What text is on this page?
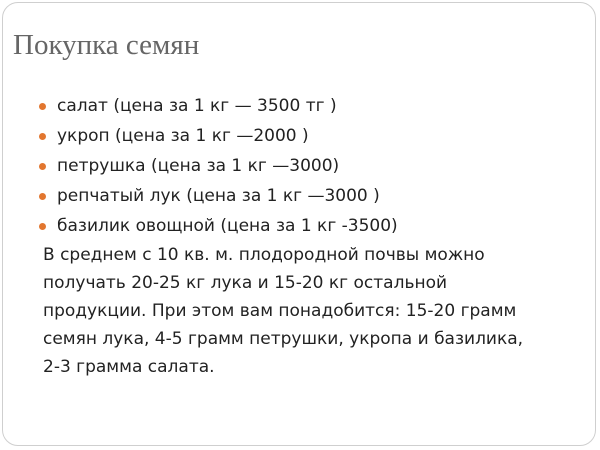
Покупка семян
салат (цена за 1 кг — 3500 тг )
укроп (цена за 1 кг —2000 )
петрушка (цена за 1 кг —3000)
репчатый лук (цена за 1 кг —3000 )
базилик овощной (цена за 1 кг -3500)

В среднем с 10 кв. м. плодородной почвы можно
получать 20-25 кг лука и 15-20 кг остальной
продукции. При этом вам понадобится: 15-20 грамм
семян лука, 4-5 грамм петрушки, укропа и базилика,
2-3 грамма салата.
